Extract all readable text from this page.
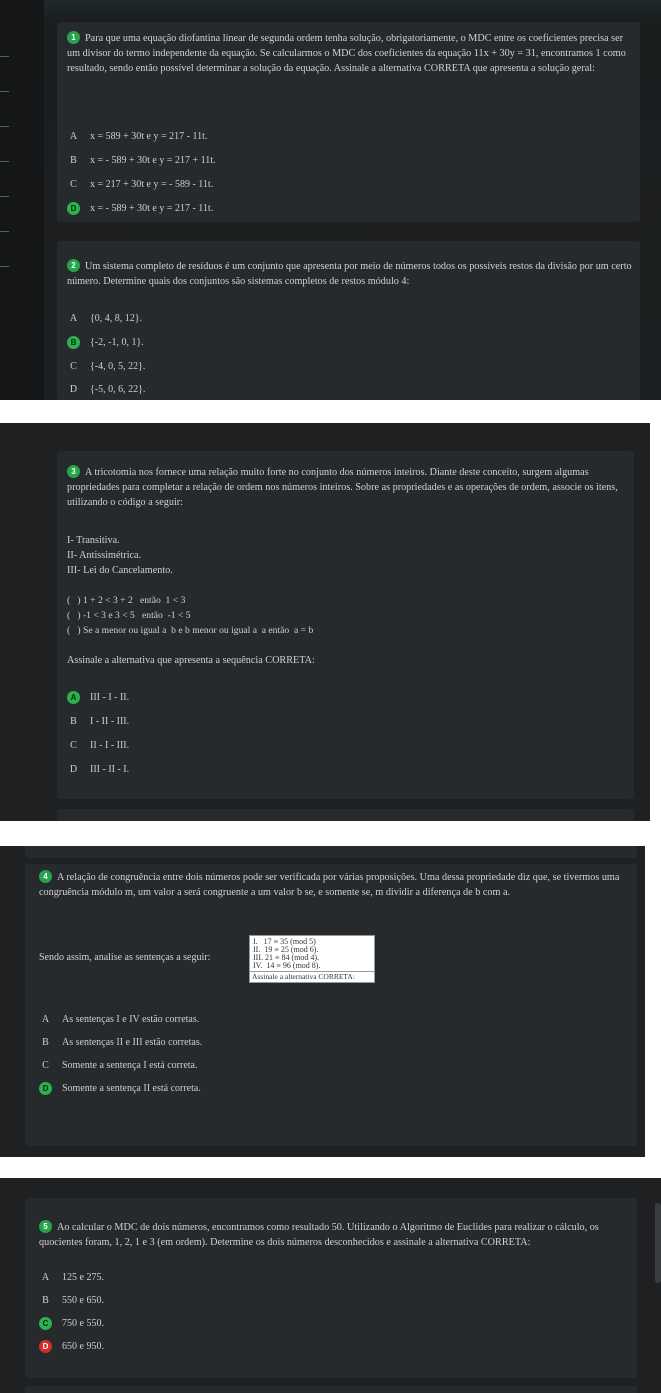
1 Para que uma equação diofantina linear de segunda ordem tenha solução, obrigatoriamente, o MDC entre os coeficientes precisa ser um divisor do termo independente da equação. Se calcularmos o MDC dos coeficientes da equação 11x + 30y = 31, encontramos 1 como resultado, sendo então possível determinar a solução da equação. Assinale a alternativa CORRETA que apresenta a solução geral:
A x = 589 + 30t e y = 217 - 11t.
B x = - 589 + 30t e y = 217 + 11t.
C x = 217 + 30t e y = - 589 - 11t.
D x = - 589 + 30t e y = 217 - 11t.
2 Um sistema completo de resíduos é um conjunto que apresenta por meio de números todos os possíveis restos da divisão por um certo número. Determine quais dos conjuntos são sistemas completos de restos módulo 4:
A {0, 4, 8, 12}.
B {-2, -1, 0, 1}.
C {-4, 0, 5, 22}.
D {-5, 0, 6, 22}.
3 A tricotomia nos fornece uma relação muito forte no conjunto dos números inteiros. Diante deste conceito, surgem algumas propriedades para completar a relação de ordem nos números inteiros. Sobre as propriedades e as operações de ordem, associe os itens, utilizando o código a seguir:
I- Transitiva.
II- Antissimétrica.
III- Lei do Cancelamento.
(   ) 1 + 2 < 3 + 2   então  1 < 3
(   ) -1 < 3 e 3 < 5   então  -1 < 5
(   ) Se a menor ou igual a  b e b menor ou igual a  a então  a = b
Assinale a alternativa que apresenta a sequência CORRETA:
A III - I - II.
B I - II - III.
C II - I - III.
D III - II - I.
4 A relação de congruência entre dois números pode ser verificada por várias proposições. Uma dessa propriedade diz que, se tivermos uma congruência módulo m, um valor a será congruente a um valor b se, e somente se, m dividir a diferença de b com a.
Sendo assim, analise as sentenças a seguir:
I.   17 ≡ 35 (mod 5)
II.  19 ≡ 25 (mod 6).
III. 21 ≡ 84 (mod 4).
IV.  14 ≡ 96 (mod 8).
Assinale a alternativa CORRETA:
A As sentenças I e IV estão corretas.
B As sentenças II e III estão corretas.
C Somente a sentença I está correta.
D Somente a sentença II está correta.
5 Ao calcular o MDC de dois números, encontramos como resultado 50. Utilizando o Algoritmo de Euclides para realizar o cálculo, os quocientes foram, 1, 2, 1 e 3 (em ordem). Determine os dois números desconhecidos e assinale a alternativa CORRETA:
A 125 e 275.
B 550 e 650.
C 750 e 550.
D 650 e 950.
